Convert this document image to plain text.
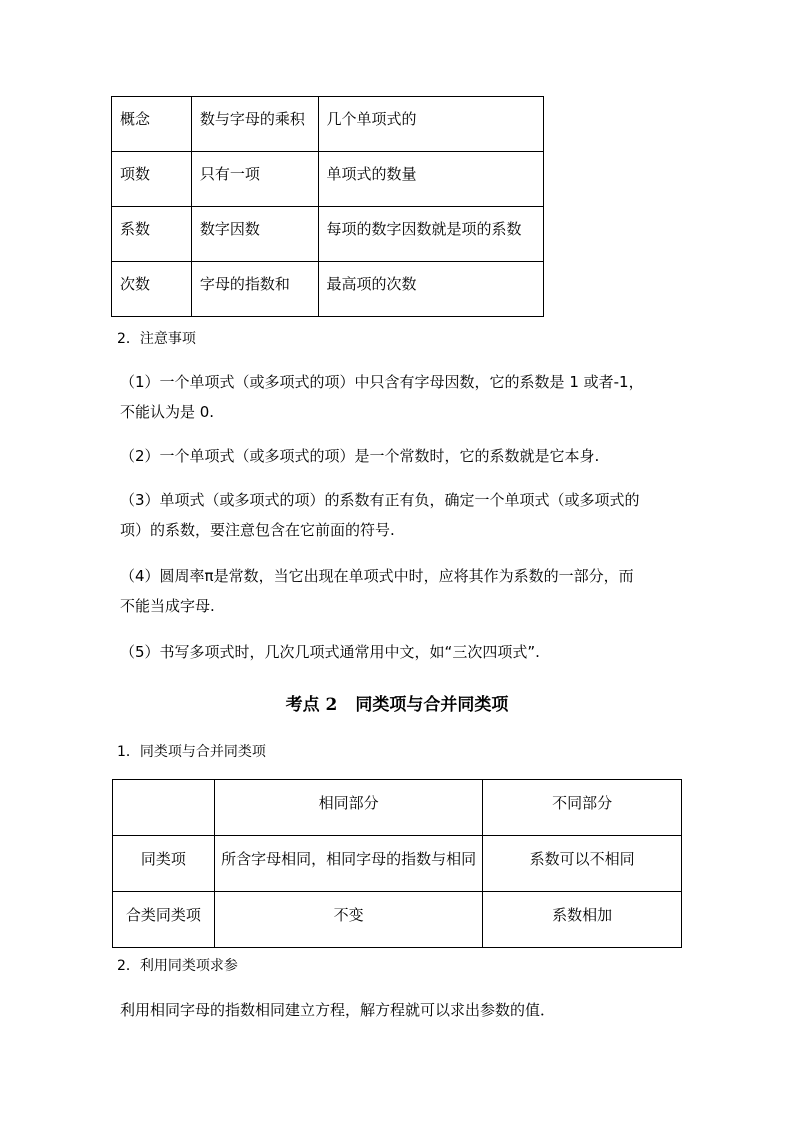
概念	数与字母的乘积	几个单项式的
项数	只有一项	单项式的数量
系数	数字因数	每项的数字因数就是项的系数
次数	字母的指数和	最高项的次数
2．注意事项
（1）一个单项式（或多项式的项）中只含有字母因数，它的系数是 1 或者-1，
不能认为是 0.
（2）一个单项式（或多项式的项）是一个常数时，它的系数就是它本身.
（3）单项式（或多项式的项）的系数有正有负，确定一个单项式（或多项式的
项）的系数，要注意包含在它前面的符号.
（4）圆周率π是常数，当它出现在单项式中时，应将其作为系数的一部分，而
不能当成字母.
（5）书写多项式时，几次几项式通常用中文，如“三次四项式”.
考点 2 同类项与合并同类项
1．同类项与合并同类项
	相同部分	不同部分
同类项	所含字母相同，相同字母的指数与相同	系数可以不相同
合类同类项	不变	系数相加
2．利用同类项求参
利用相同字母的指数相同建立方程，解方程就可以求出参数的值．
